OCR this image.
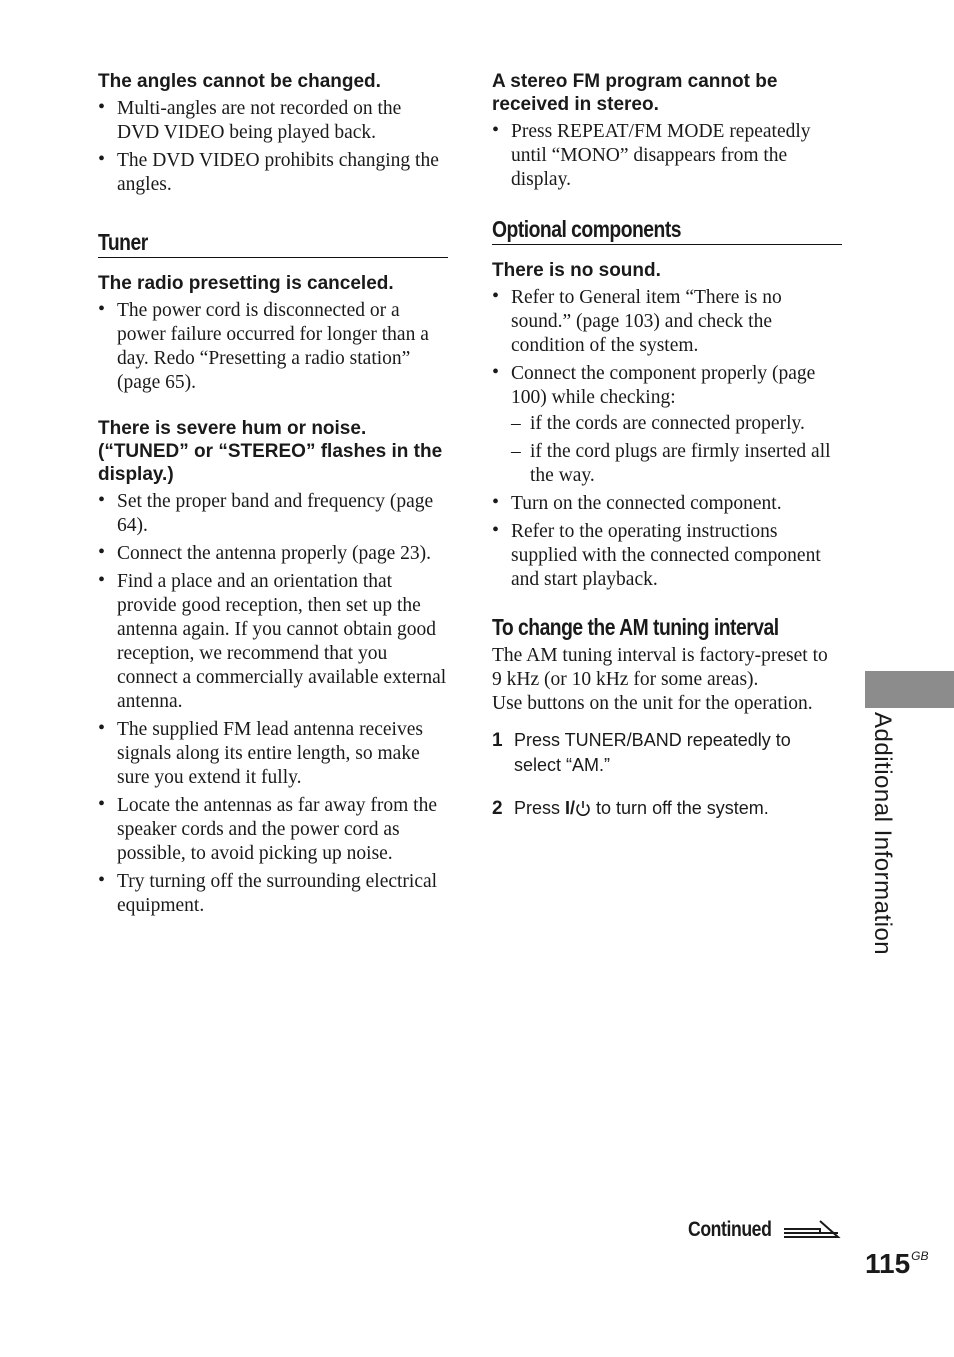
The angles cannot be changed.
• Multi-angles are not recorded on the DVD VIDEO being played back.
• The DVD VIDEO prohibits changing the angles.
Tuner
The radio presetting is canceled.
• The power cord is disconnected or a power failure occurred for longer than a day. Redo “Presetting a radio station” (page 65).
There is severe hum or noise.
(“TUNED” or “STEREO” flashes in the display.)
• Set the proper band and frequency (page 64).
• Connect the antenna properly (page 23).
• Find a place and an orientation that provide good reception, then set up the antenna again. If you cannot obtain good reception, we recommend that you connect a commercially available external antenna.
• The supplied FM lead antenna receives signals along its entire length, so make sure you extend it fully.
• Locate the antennas as far away from the speaker cords and the power cord as possible, to avoid picking up noise.
• Try turning off the surrounding electrical equipment.
A stereo FM program cannot be received in stereo.
• Press REPEAT/FM MODE repeatedly until “MONO” disappears from the display.
Optional components
There is no sound.
• Refer to General item “There is no sound.” (page 103) and check the condition of the system.
• Connect the component properly (page 100) while checking:
– if the cords are connected properly.
– if the cord plugs are firmly inserted all the way.
• Turn on the connected component.
• Refer to the operating instructions supplied with the connected component and start playback.
To change the AM tuning interval

The AM tuning interval is factory-preset to 9 kHz (or 10 kHz for some areas).

Use buttons on the unit for the operation.

1 Press TUNER/BAND repeatedly to select “AM.”
2 Press I/ to turn off the system.	Additional Information
Continued
$115^{GB}$
